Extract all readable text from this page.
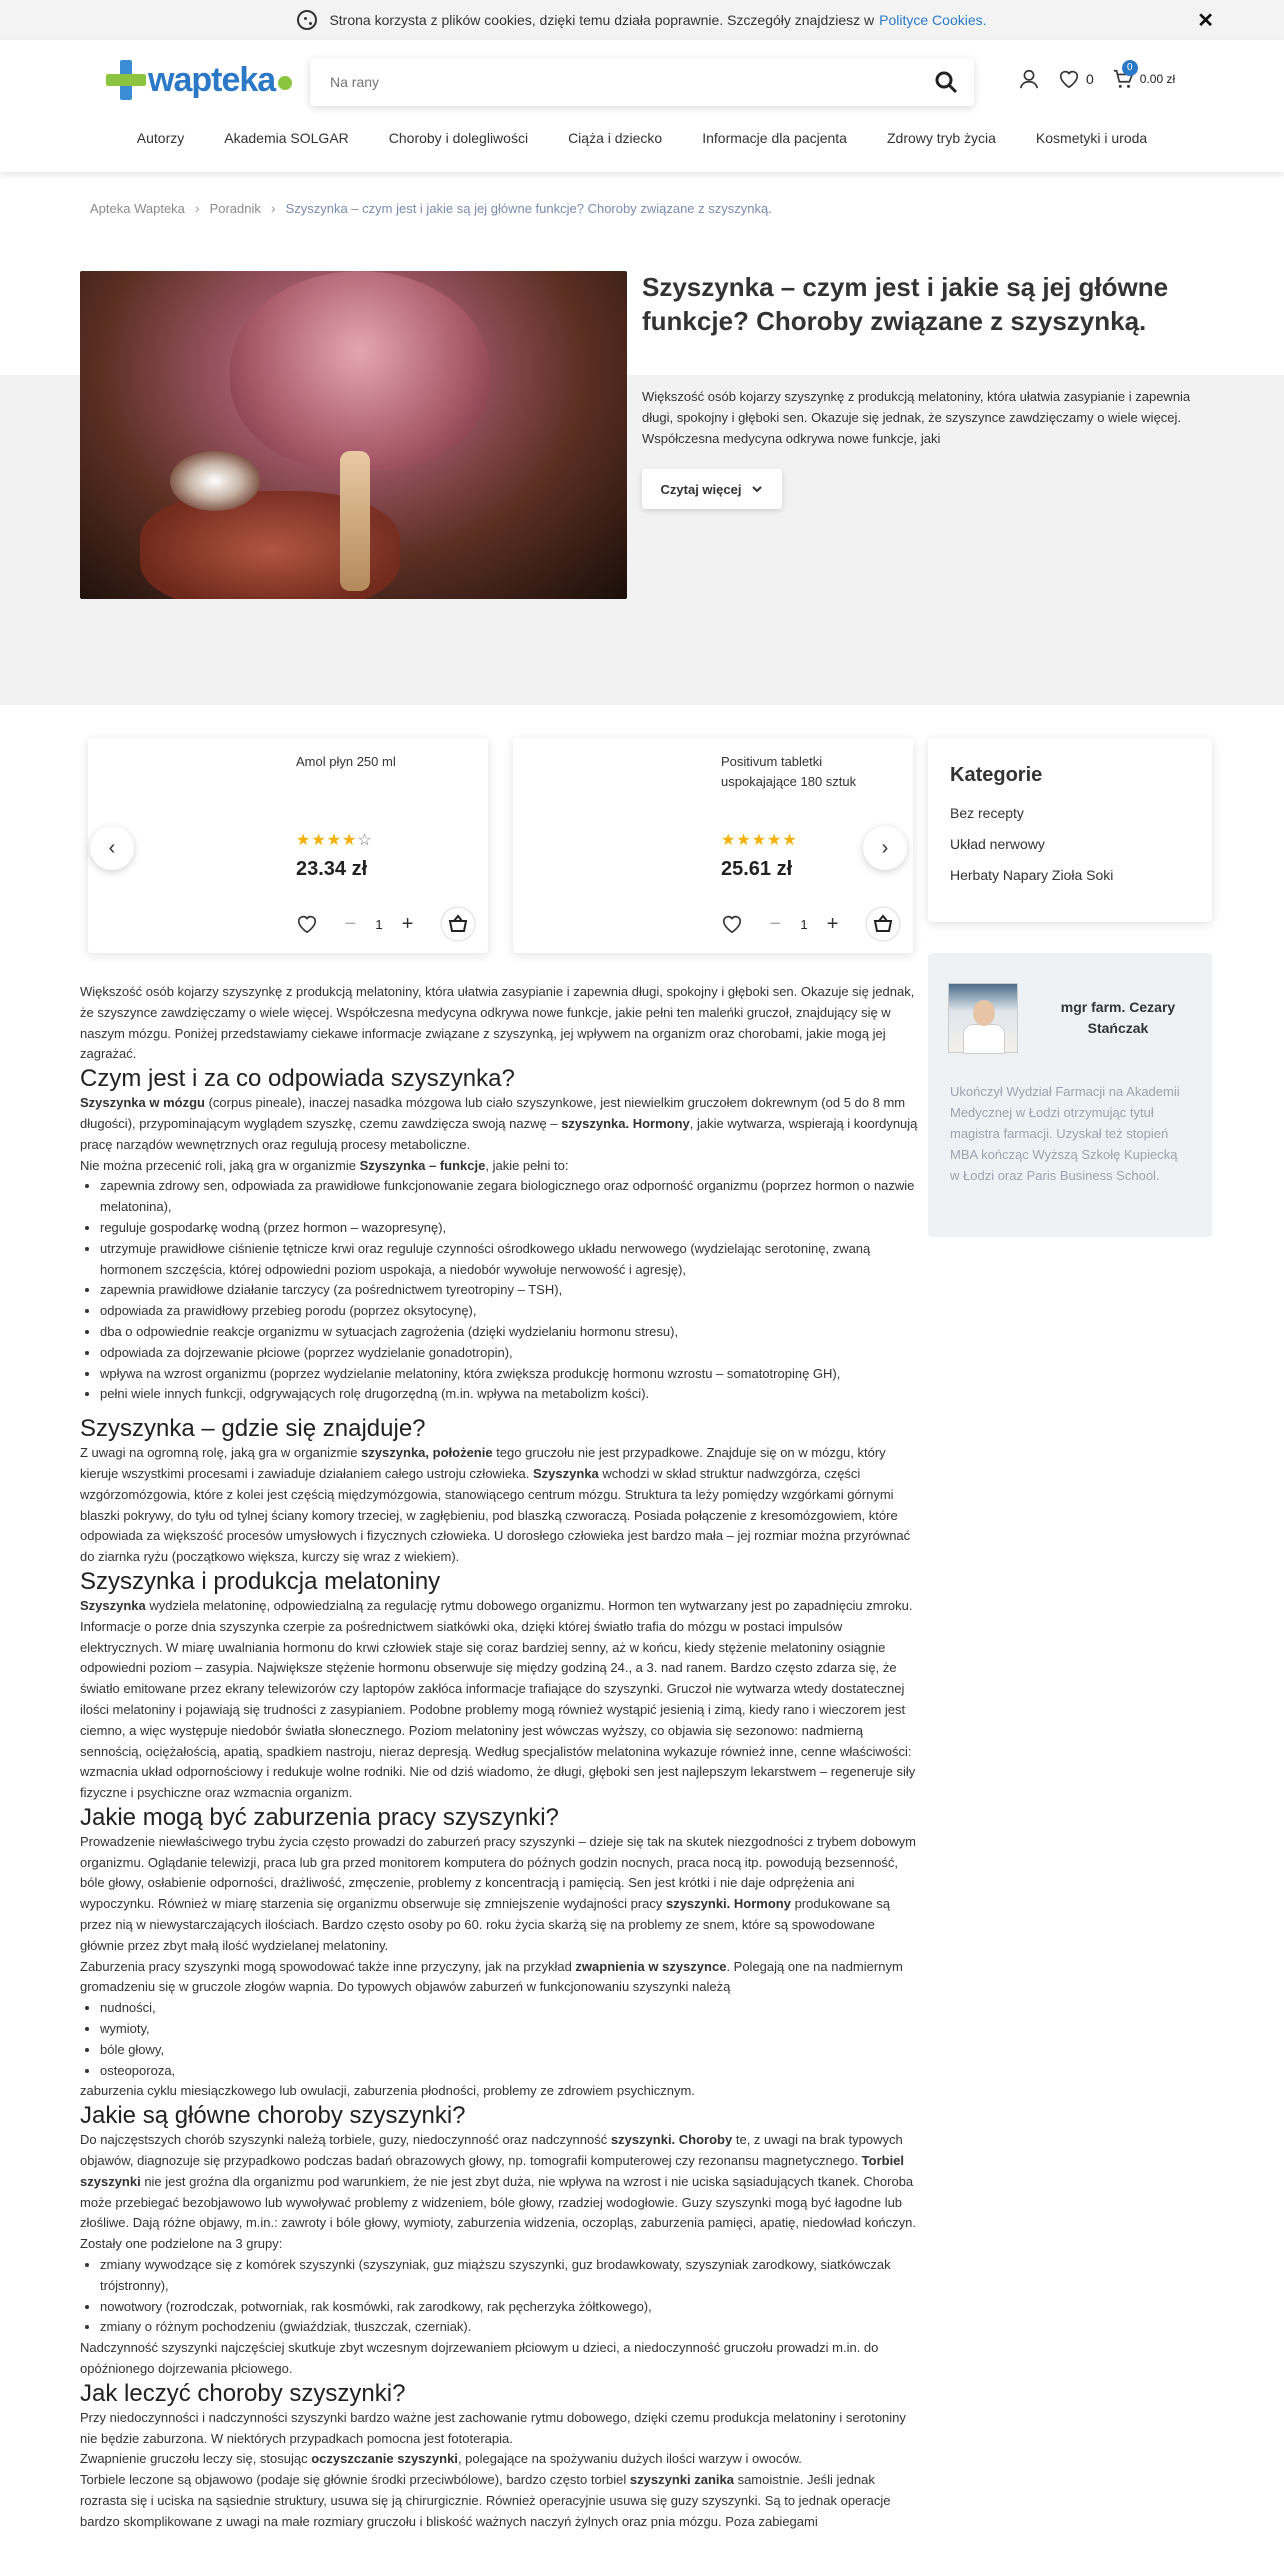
Strona korzysta z plików cookies, dzięki temu działa poprawnie. Szczegóły znajdziesz w Polityce Cookies.	✕
wapteka
Na rany	0
0
0.00 zł
Autorzy	Akademia SOLGAR	Choroby i dolegliwości	Ciąża i dziecko	Informacje dla pacjenta	Zdrowy tryb życia	Kosmetyki i uroda
Apteka Wapteka › Poradnik › Szyszynka – czym jest i jakie są jej główne funkcje? Choroby związane z szyszynką.
Szyszynka – czym jest i jakie są jej główne funkcje? Choroby związane z szyszynką.

Większość osób kojarzy szyszynkę z produkcją melatoniny, która ułatwia zasypianie i zapewnia długi, spokojny i głęboki sen. Okazuje się jednak, że szyszynce zawdzięczamy o wiele więcej. Współczesna medycyna odkrywa nowe funkcje, jaki

Czytaj więcej
Amol płyn 250 ml
★★★★☆
23.34 zł
−	1 +
Positivum tabletki uspokajające 180 sztuk
★★★★★
25.61 zł
−	1 +
‹	›
Kategorie
Bez recepty
Układ nerwowy
Herbaty Napary Zioła Soki
mgr farm. Cezary Stańczak
Ukończył Wydział Farmacji na Akademii Medycznej w Łodzi otrzymując tytuł magistra farmacji. Uzyskał też stopień MBA kończąc Wyższą Szkołę Kupiecką w Łodzi oraz Paris Business School.

Większość osób kojarzy szyszynkę z produkcją melatoniny, która ułatwia zasypianie i zapewnia długi, spokojny i głęboki sen. Okazuje się jednak, że szyszynce zawdzięczamy o wiele więcej. Współczesna medycyna odkrywa nowe funkcje, jakie pełni ten maleńki gruczoł, znajdujący się w naszym mózgu. Poniżej przedstawiamy ciekawe informacje związane z szyszynką, jej wpływem na organizm oraz chorobami, jakie mogą jej zagrażać.

Czym jest i za co odpowiada szyszynka?

Szyszynka w mózgu (corpus pineale), inaczej nasadka mózgowa lub ciało szyszynkowe, jest niewielkim gruczołem dokrewnym (od 5 do 8 mm długości), przypominającym wyglądem szyszkę, czemu zawdzięcza swoją nazwę – szyszynka. Hormony, jakie wytwarza, wspierają i koordynują pracę narządów wewnętrznych oraz regulują procesy metaboliczne.

Nie można przecenić roli, jaką gra w organizmie Szyszynka – funkcje, jakie pełni to:

• zapewnia zdrowy sen, odpowiada za prawidłowe funkcjonowanie zegara biologicznego oraz odporność organizmu (poprzez hormon o nazwie melatonina),
• reguluje gospodarkę wodną (przez hormon – wazopresynę),
• utrzymuje prawidłowe ciśnienie tętnicze krwi oraz reguluje czynności ośrodkowego układu nerwowego (wydzielając serotoninę, zwaną hormonem szczęścia, której odpowiedni poziom uspokaja, a niedobór wywołuje nerwowość i agresję),
• zapewnia prawidłowe działanie tarczycy (za pośrednictwem tyreotropiny – TSH),
• odpowiada za prawidłowy przebieg porodu (poprzez oksytocynę),
• dba o odpowiednie reakcje organizmu w sytuacjach zagrożenia (dzięki wydzielaniu hormonu stresu),
• odpowiada za dojrzewanie płciowe (poprzez wydzielanie gonadotropin),
• wpływa na wzrost organizmu (poprzez wydzielanie melatoniny, która zwiększa produkcję hormonu wzrostu – somatotropinę GH),
• pełni wiele innych funkcji, odgrywających rolę drugorzędną (m.in. wpływa na metabolizm kości).
Szyszynka – gdzie się znajduje?

Z uwagi na ogromną rolę, jaką gra w organizmie szyszynka, położenie tego gruczołu nie jest przypadkowe. Znajduje się on w mózgu, który kieruje wszystkimi procesami i zawiaduje działaniem całego ustroju człowieka. Szyszynka wchodzi w skład struktur nadwzgórza, części wzgórzomózgowia, które z kolei jest częścią międzymózgowia, stanowiącego centrum mózgu. Struktura ta leży pomiędzy wzgórkami górnymi blaszki pokrywy, do tyłu od tylnej ściany komory trzeciej, w zagłębieniu, pod blaszką czworaczą. Posiada połączenie z kresomózgowiem, które odpowiada za większość procesów umysłowych i fizycznych człowieka. U dorosłego człowieka jest bardzo mała – jej rozmiar można przyrównać do ziarnka ryżu (początkowo większa, kurczy się wraz z wiekiem).

Szyszynka i produkcja melatoniny

Szyszynka wydziela melatoninę, odpowiedzialną za regulację rytmu dobowego organizmu. Hormon ten wytwarzany jest po zapadnięciu zmroku. Informacje o porze dnia szyszynka czerpie za pośrednictwem siatkówki oka, dzięki której światło trafia do mózgu w postaci impulsów elektrycznych. W miarę uwalniania hormonu do krwi człowiek staje się coraz bardziej senny, aż w końcu, kiedy stężenie melatoniny osiągnie odpowiedni poziom – zasypia. Największe stężenie hormonu obserwuje się między godziną 24., a 3. nad ranem. Bardzo często zdarza się, że światło emitowane przez ekrany telewizorów czy laptopów zakłóca informacje trafiające do szyszynki. Gruczoł nie wytwarza wtedy dostatecznej ilości melatoniny i pojawiają się trudności z zasypianiem. Podobne problemy mogą również wystąpić jesienią i zimą, kiedy rano i wieczorem jest ciemno, a więc występuje niedobór światła słonecznego. Poziom melatoniny jest wówczas wyższy, co objawia się sezonowo: nadmierną sennością, ociężałością, apatią, spadkiem nastroju, nieraz depresją. Według specjalistów melatonina wykazuje również inne, cenne właściwości: wzmacnia układ odpornościowy i redukuje wolne rodniki. Nie od dziś wiadomo, że długi, głęboki sen jest najlepszym lekarstwem – regeneruje siły fizyczne i psychiczne oraz wzmacnia organizm.

Jakie mogą być zaburzenia pracy szyszynki?

Prowadzenie niewłaściwego trybu życia często prowadzi do zaburzeń pracy szyszynki – dzieje się tak na skutek niezgodności z trybem dobowym organizmu. Oglądanie telewizji, praca lub gra przed monitorem komputera do późnych godzin nocnych, praca nocą itp. powodują bezsenność, bóle głowy, osłabienie odporności, drażliwość, zmęczenie, problemy z koncentracją i pamięcią. Sen jest krótki i nie daje odprężenia ani wypoczynku. Również w miarę starzenia się organizmu obserwuje się zmniejszenie wydajności pracy szyszynki. Hormony produkowane są przez nią w niewystarczających ilościach. Bardzo często osoby po 60. roku życia skarżą się na problemy ze snem, które są spowodowane głównie przez zbyt małą ilość wydzielanej melatoniny.

Zaburzenia pracy szyszynki mogą spowodować także inne przyczyny, jak na przykład zwapnienia w szyszynce. Polegają one na nadmiernym gromadzeniu się w gruczole złogów wapnia. Do typowych objawów zaburzeń w funkcjonowaniu szyszynki należą

• nudności,
• wymioty,
• bóle głowy,
• osteoporoza,

zaburzenia cyklu miesiączkowego lub owulacji, zaburzenia płodności, problemy ze zdrowiem psychicznym.

Jakie są główne choroby szyszynki?

Do najczęstszych chorób szyszynki należą torbiele, guzy, niedoczynność oraz nadczynność szyszynki. Choroby te, z uwagi na brak typowych objawów, diagnozuje się przypadkowo podczas badań obrazowych głowy, np. tomografii komputerowej czy rezonansu magnetycznego. Torbiel szyszynki nie jest groźna dla organizmu pod warunkiem, że nie jest zbyt duża, nie wpływa na wzrost i nie uciska sąsiadujących tkanek. Choroba może przebiegać bezobjawowo lub wywoływać problemy z widzeniem, bóle głowy, rzadziej wodogłowie. Guzy szyszynki mogą być łagodne lub złośliwe. Dają różne objawy, m.in.: zawroty i bóle głowy, wymioty, zaburzenia widzenia, oczopląs, zaburzenia pamięci, apatię, niedowład kończyn. Zostały one podzielone na 3 grupy:

• zmiany wywodzące się z komórek szyszynki (szyszyniak, guz miąższu szyszynki, guz brodawkowaty, szyszyniak zarodkowy, siatkówczak trójstronny),
• nowotwory (rozrodczak, potworniak, rak kosmówki, rak zarodkowy, rak pęcherzyka żółtkowego),
• zmiany o różnym pochodzeniu (gwiaździak, tłuszczak, czerniak).

Nadczynność szyszynki najczęściej skutkuje zbyt wczesnym dojrzewaniem płciowym u dzieci, a niedoczynność gruczołu prowadzi m.in. do opóźnionego dojrzewania płciowego.

Jak leczyć choroby szyszynki?

Przy niedoczynności i nadczynności szyszynki bardzo ważne jest zachowanie rytmu dobowego, dzięki czemu produkcja melatoniny i serotoniny nie będzie zaburzona. W niektórych przypadkach pomocna jest fototerapia.

Zwapnienie gruczołu leczy się, stosując oczyszczanie szyszynki, polegające na spożywaniu dużych ilości warzyw i owoców.

Torbiele leczone są objawowo (podaje się głównie środki przeciwbólowe), bardzo często torbiel szyszynki zanika samoistnie. Jeśli jednak rozrasta się i uciska na sąsiednie struktury, usuwa się ją chirurgicznie. Również operacyjnie usuwa się guzy szyszynki. Są to jednak operacje bardzo skomplikowane z uwagi na małe rozmiary gruczołu i bliskość ważnych naczyń żylnych oraz pnia mózgu. Poza zabiegami
